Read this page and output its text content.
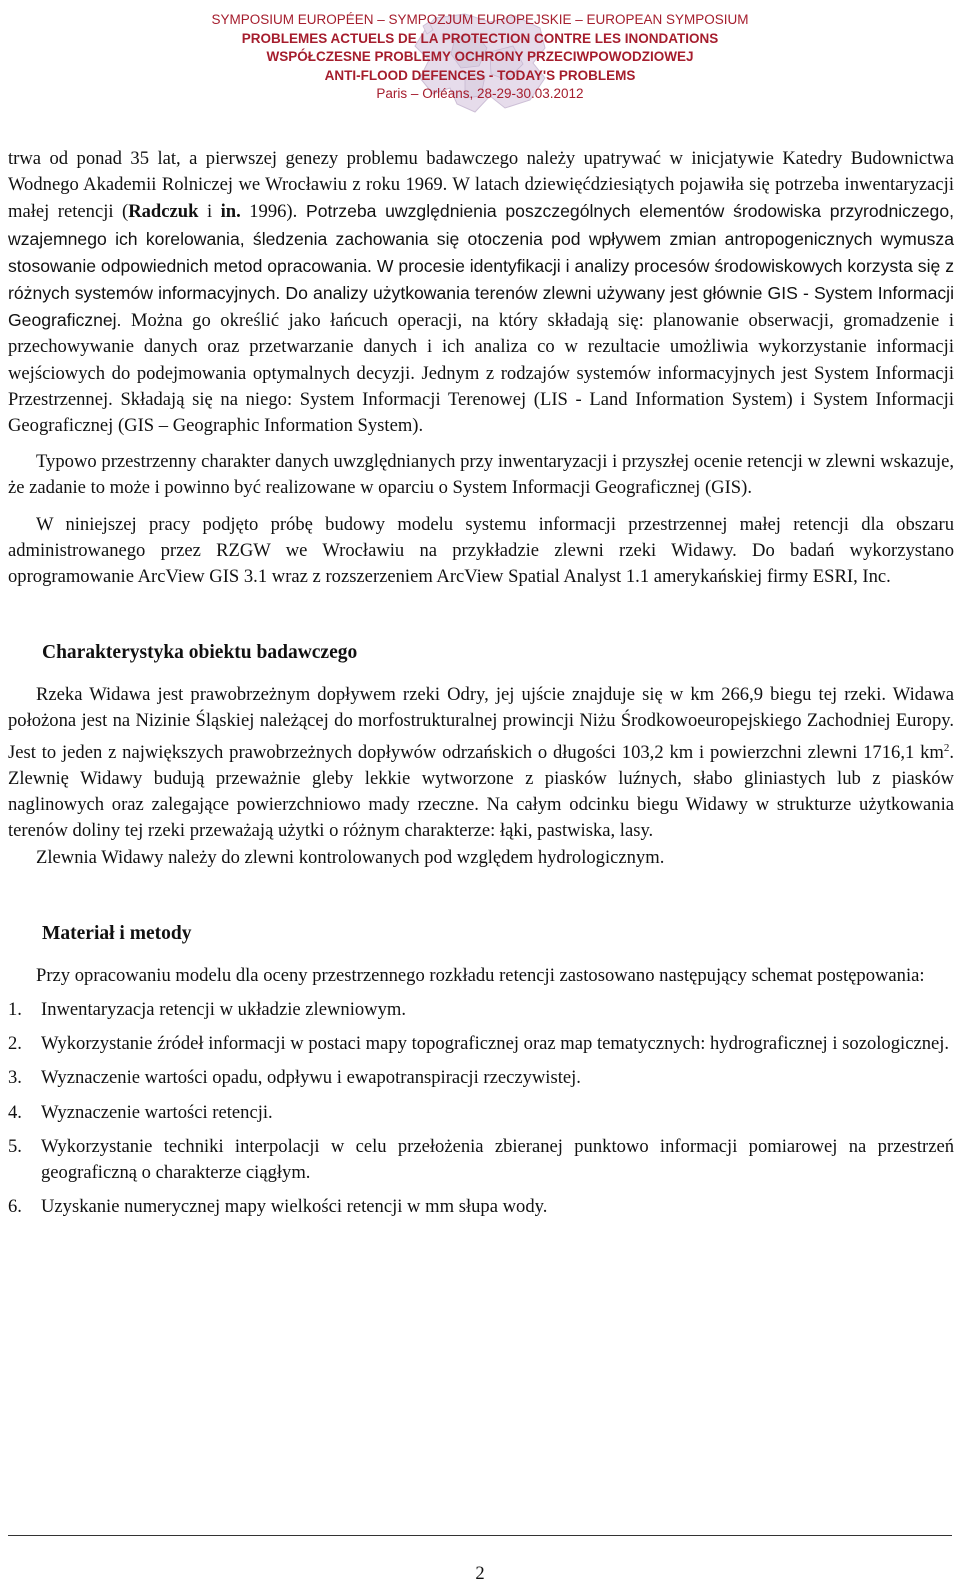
SYMPOSIUM EUROPÉEN – SYMPOZJUM EUROPEJSKIE – EUROPEAN SYMPOSIUM
PROBLEMES ACTUELS DE LA PROTECTION CONTRE LES INONDATIONS
WSPÓŁCZESNE PROBLEMY OCHRONY PRZECIWPOWODZIOWEJ
ANTI-FLOOD DEFENCES - TODAY'S PROBLEMS
Paris – Orléans, 28-29-30.03.2012

trwa od ponad 35 lat, a pierwszej genezy problemu badawczego należy upatrywać w inicjatywie Katedry Budownictwa Wodnego Akademii Rolniczej we Wrocławiu z roku 1969. W latach dziewięćdziesiątych pojawiła się potrzeba inwentaryzacji małej retencji (Radczuk i in. 1996). Potrzeba uwzględnienia poszczególnych elementów środowiska przyrodniczego, wzajemnego ich korelowania, śledzenia zachowania się otoczenia pod wpływem zmian antropogenicznych wymusza stosowanie odpowiednich metod opracowania. W procesie identyfikacji i analizy procesów środowiskowych korzysta się z różnych systemów informacyjnych. Do analizy użytkowania terenów zlewni używany jest głównie GIS - System Informacji Geograficznej. Można go określić jako łańcuch operacji, na który składają się: planowanie obserwacji, gromadzenie i przechowywanie danych oraz przetwarzanie danych i ich analiza co w rezultacie umożliwia wykorzystanie informacji wejściowych do podejmowania optymalnych decyzji. Jednym z rodzajów systemów informacyjnych jest System Informacji Przestrzennej. Składają się na niego: System Informacji Terenowej (LIS - Land Information System) i System Informacji Geograficznej (GIS – Geographic Information System).

Typowo przestrzenny charakter danych uwzględnianych przy inwentaryzacji i przyszłej ocenie retencji w zlewni wskazuje, że zadanie to może i powinno być realizowane w oparciu o System Informacji Geograficznej (GIS).

W niniejszej pracy podjęto próbę budowy modelu systemu informacji przestrzennej małej retencji dla obszaru administrowanego przez RZGW we Wrocławiu na przykładzie zlewni rzeki Widawy. Do badań wykorzystano oprogramowanie ArcView GIS 3.1 wraz z rozszerzeniem ArcView Spatial Analyst 1.1 amerykańskiej firmy ESRI, Inc.

Charakterystyka obiektu badawczego

Rzeka Widawa jest prawobrzeżnym dopływem rzeki Odry, jej ujście znajduje się w km 266,9 biegu tej rzeki. Widawa położona jest na Nizinie Śląskiej należącej do morfostrukturalnej prowincji Niżu Środkowoeuropejskiego Zachodniej Europy. Jest to jeden z największych prawobrzeżnych dopływów odrzańskich o długości 103,2 km i powierzchni zlewni 1716,1 $km^2$. Zlewnię Widawy budują przeważnie gleby lekkie wytworzone z piasków luźnych, słabo gliniastych lub z piasków naglinowych oraz zalegające powierzchniowo mady rzeczne. Na całym odcinku biegu Widawy w strukturze użytkowania terenów doliny tej rzeki przeważają użytki o różnym charakterze: łąki, pastwiska, lasy.

Zlewnia Widawy należy do zlewni kontrolowanych pod względem hydrologicznym.

Materiał i metody

Przy opracowaniu modelu dla oceny przestrzennego rozkładu retencji zastosowano następujący schemat postępowania:

1.	Inwentaryzacja retencji w układzie zlewniowym.
2.	Wykorzystanie źródeł informacji w postaci mapy topograficznej oraz map tematycznych: hydrograficznej i sozologicznej.
3.	Wyznaczenie wartości opadu, odpływu i ewapotranspiracji rzeczywistej.
4.	Wyznaczenie wartości retencji.
5.	Wykorzystanie techniki interpolacji w celu przełożenia zbieranej punktowo informacji pomiarowej na przestrzeń geograficzną o charakterze ciągłym.
6.	Uzyskanie numerycznej mapy wielkości retencji w mm słupa wody.
2
